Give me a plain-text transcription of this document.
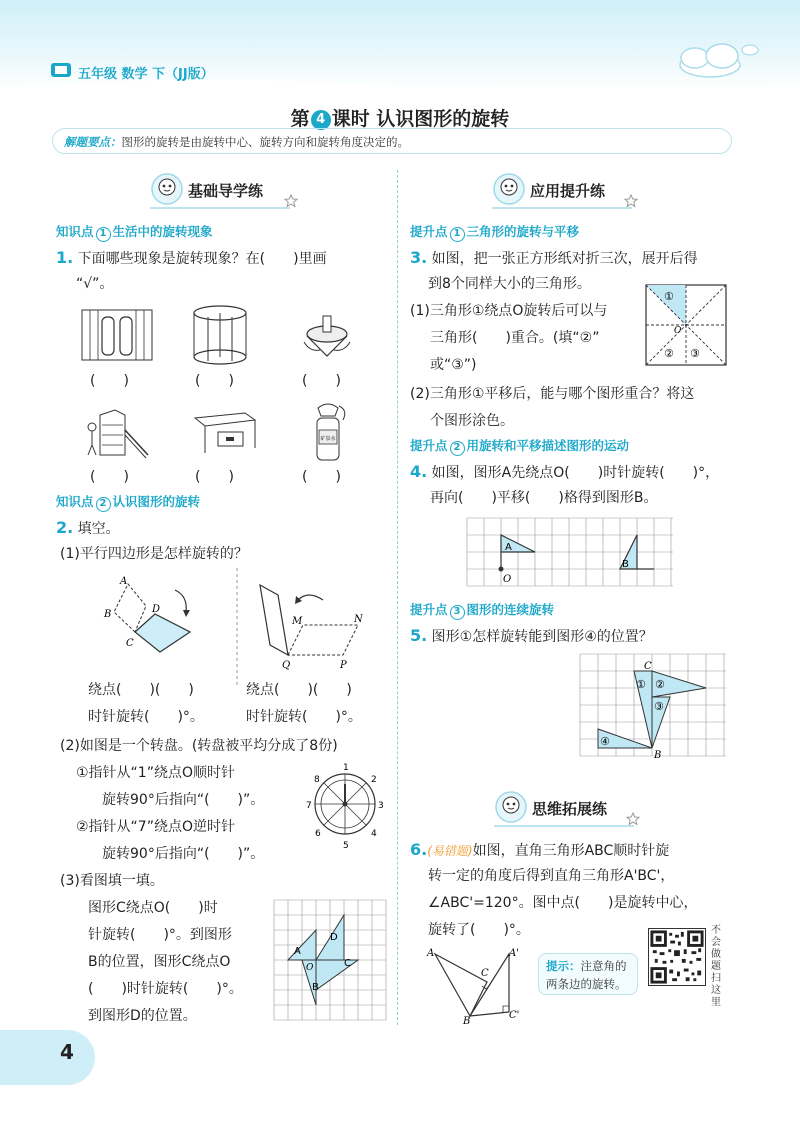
五年级 数学 下（JJ版）
第 4 课时 认识图形的旋转
解题要点：图形的旋转是由旋转中心、旋转方向和旋转角度决定的。
基础导学练
知识点 1 生活中的旋转现象
1. 下面哪些现象是旋转现象？在(　　)里画
“√”。
(　　)	(　　)	(　　)
矿泉水
(　　)	(　　)	(　　)
知识点 2 认识图形的旋转
2. 填空。
(1)平行四边形是怎样旋转的？
A
B	D
C
M	N
Q	P
绕点(　　)(　　)
时针旋转(　　)°。
绕点(　　)(　　)
时针旋转(　　)°。
(2)如图是一个转盘。(转盘被平均分成了8份)
①指针从“1”绕点O顺时针
旋转90°后指向“(　　)”。
②指针从“7”绕点O逆时针
旋转90°后指向“(　　)”。
1
2
3
4
5
6
7
8
(3)看图填一填。
图形C绕点O(　　)时
针旋转(　　)°。到图形
B的位置，图形C绕点O
(　　)时针旋转(　　)°。
到图形D的位置。
A
B
C
D
O
应用提升练
提升点 1 三角形的旋转与平移
3. 如图，把一张正方形纸对折三次，展开后得
到8个同样大小的三角形。
(1)三角形①绕点O旋转后可以与
三角形(　　)重合。(填“②”
或“③”)
①
O
② ③
(2)三角形①平移后，能与哪个图形重合？将这
个图形涂色。
提升点 2 用旋转和平移描述图形的运动
4. 如图，图形A先绕点O(　　)时针旋转(　　)°，
再向(　　)平移(　　)格得到图形B。
A
O
B
提升点 3 图形的连续旋转
5. 图形①怎样旋转能到图形④的位置？
C
① ②
③
④
B
思维拓展练
6.(易错题)如图，直角三角形ABC顺时针旋
转一定的角度后得到直角三角形A'BC'，
∠ABC'=120°。图中点(　　)是旋转中心，
旋转了(　　)°。
A	A'
C
B
C'
提示：注意角的
两条边的旋转。
不会做题扫这里
4
